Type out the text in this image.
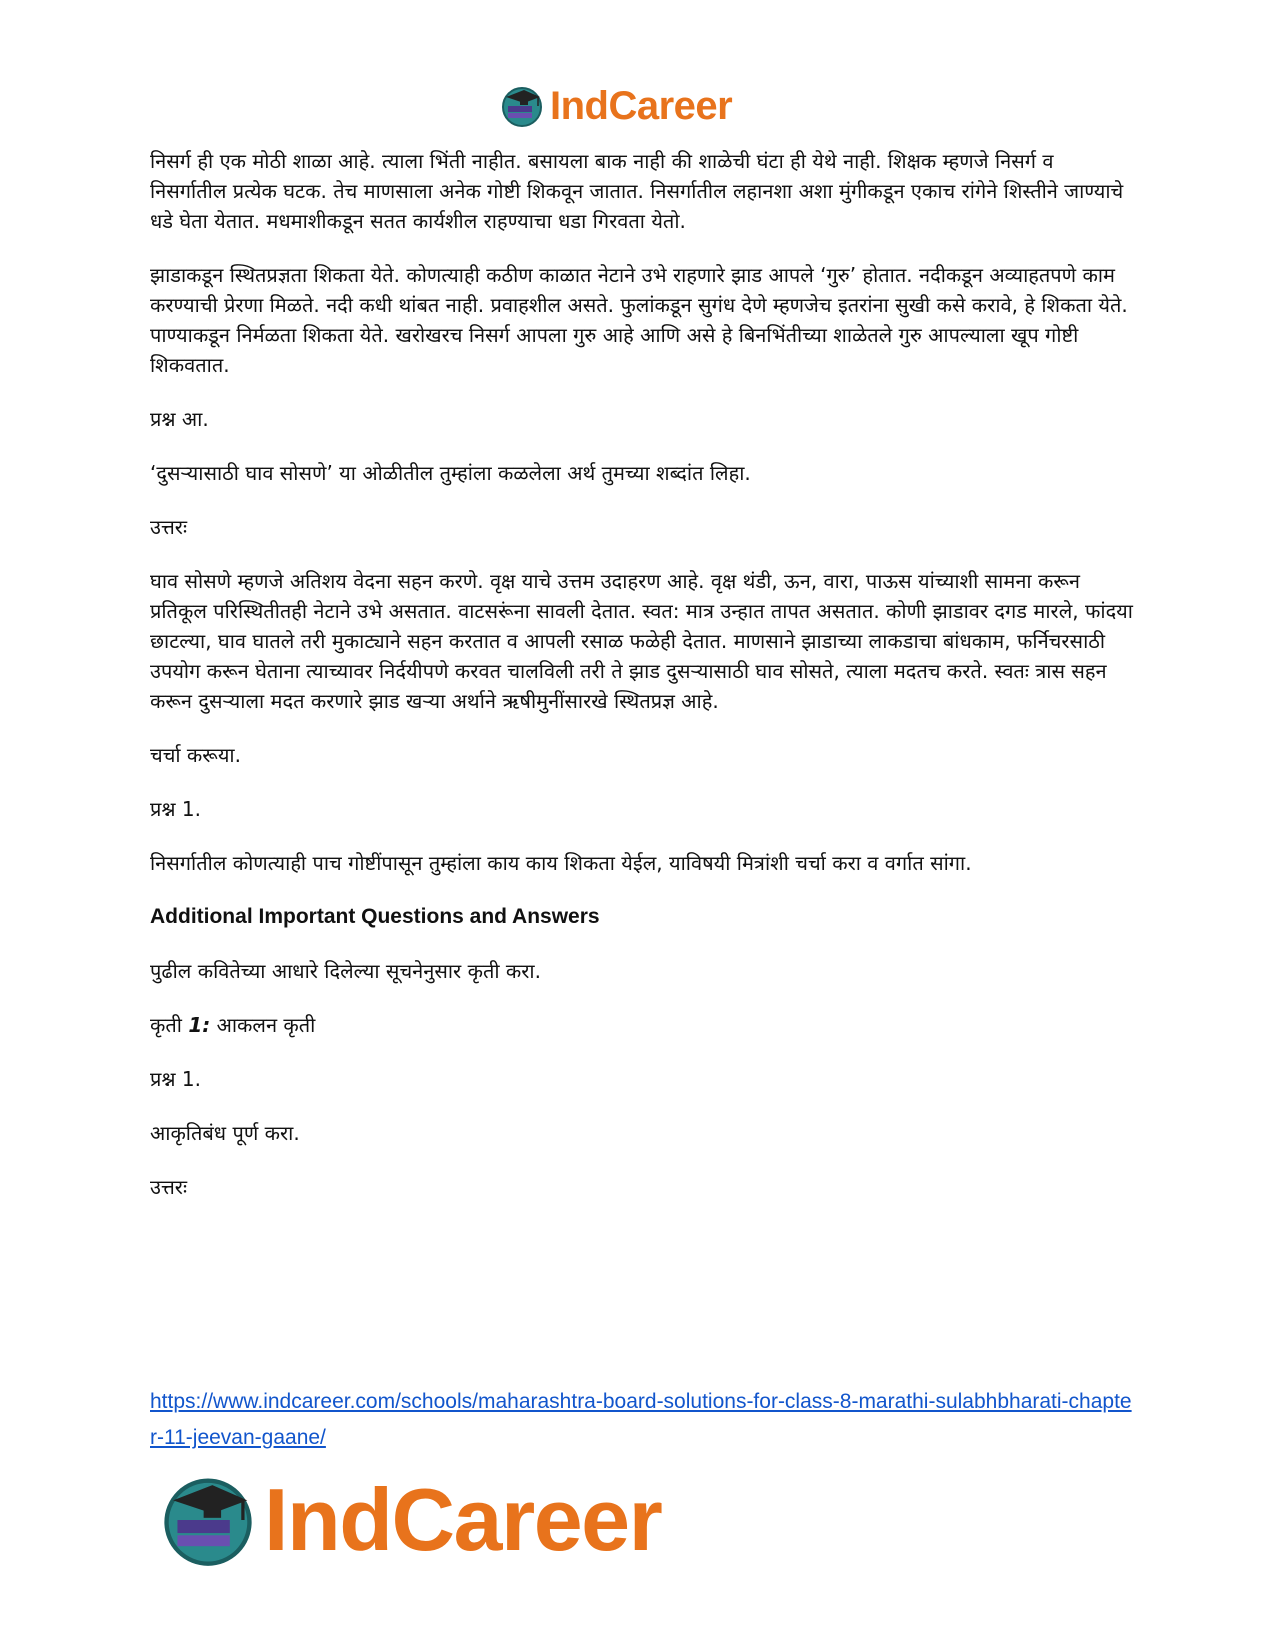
IndCareer

निसर्ग ही एक मोठी शाळा आहे. त्याला भिंती नाहीत. बसायला बाक नाही की शाळेची घंटा ही येथे नाही. शिक्षक म्हणजे निसर्ग व निसर्गातील प्रत्येक घटक. तेच माणसाला अनेक गोष्टी शिकवून जातात. निसर्गातील लहानशा अशा मुंगीकडून एकाच रांगेने शिस्तीने जाण्याचे धडे घेता येतात. मधमाशीकडून सतत कार्यशील राहण्याचा धडा गिरवता येतो.

झाडाकडून स्थितप्रज्ञता शिकता येते. कोणत्याही कठीण काळात नेटाने उभे राहणारे झाड आपले ‘गुरु’ होतात. नदीकडून अव्याहतपणे काम करण्याची प्रेरणा मिळते. नदी कधी थांबत नाही. प्रवाहशील असते. फुलांकडून सुगंध देणे म्हणजेच इतरांना सुखी कसे करावे, हे शिकता येते. पाण्याकडून निर्मळता शिकता येते. खरोखरच निसर्ग आपला गुरु आहे आणि असे हे बिनभिंतीच्या शाळेतले गुरु आपल्याला खूप गोष्टी शिकवतात.

प्रश्न आ.

‘दुसऱ्यासाठी घाव सोसणे’ या ओळीतील तुम्हांला कळलेला अर्थ तुमच्या शब्दांत लिहा.

उत्तरः

घाव सोसणे म्हणजे अतिशय वेदना सहन करणे. वृक्ष याचे उत्तम उदाहरण आहे. वृक्ष थंडी, ऊन, वारा, पाऊस यांच्याशी सामना करून प्रतिकूल परिस्थितीतही नेटाने उभे असतात. वाटसरूंना सावली देतात. स्वत: मात्र उन्हात तापत असतात. कोणी झाडावर दगड मारले, फांदया छाटल्या, घाव घातले तरी मुकाट्याने सहन करतात व आपली रसाळ फळेही देतात. माणसाने झाडाच्या लाकडाचा बांधकाम, फर्निचरसाठी उपयोग करून घेताना त्याच्यावर निर्दयीपणे करवत चालविली तरी ते झाड दुसऱ्यासाठी घाव सोसते, त्याला मदतच करते. स्वतः त्रास सहन करून दुसऱ्याला मदत करणारे झाड खऱ्या अर्थाने ऋषीमुनींसारखे स्थितप्रज्ञ आहे.

चर्चा करूया.

प्रश्न 1.

निसर्गातील कोणत्याही पाच गोष्टींपासून तुम्हांला काय काय शिकता येईल, याविषयी मित्रांशी चर्चा करा व वर्गात सांगा.

Additional Important Questions and Answers

पुढील कवितेच्या आधारे दिलेल्या सूचनेनुसार कृती करा.

कृती 1: आकलन कृती

प्रश्न 1.

आकृतिबंध पूर्ण करा.

उत्तरः

https://www.indcareer.com/schools/maharashtra-board-solutions-for-class-8-marathi-sulabhbharati-chapter-11-jeevan-gaane/
IndCareer
